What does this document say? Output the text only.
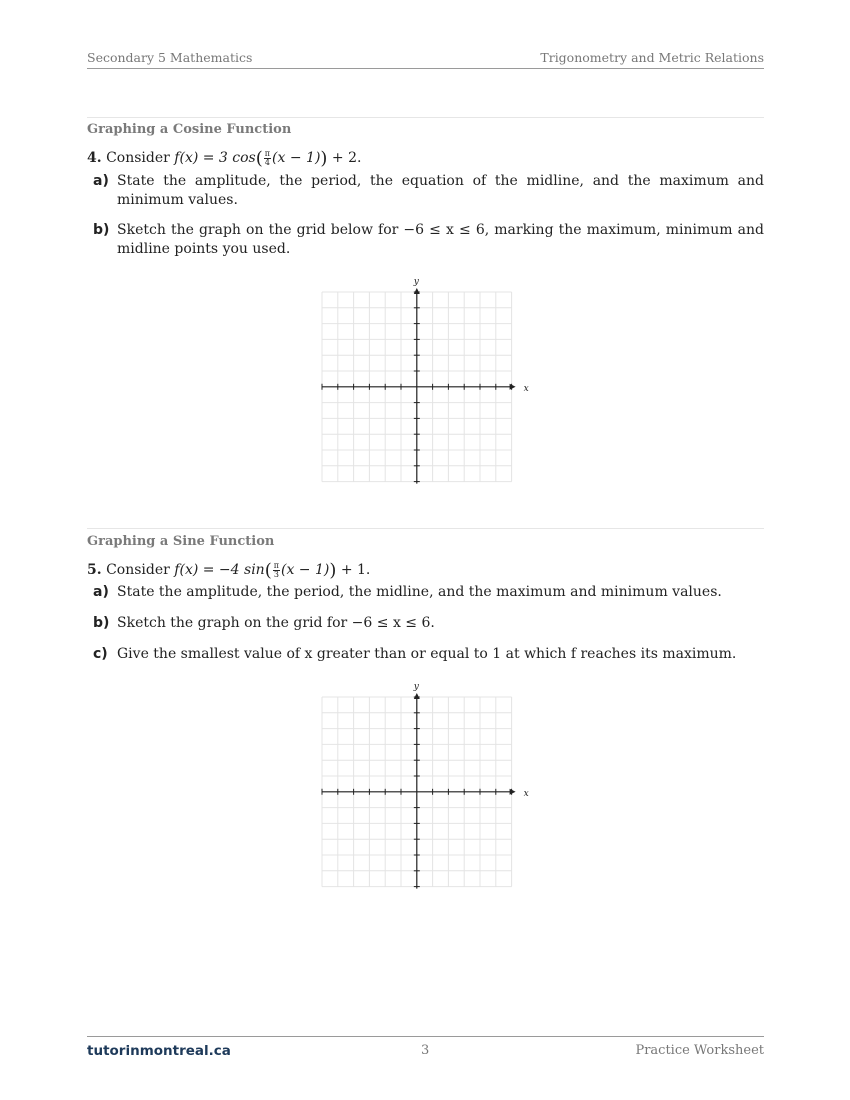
Secondary 5 Mathematics	Trigonometry and Metric Relations
Graphing a Cosine Function
4. Consider f(x) = 3 $\cos( \frac{\pi}{4} (x - 1)) + 2$.
a) State the amplitude, the period, the equation of the midline, and the maximum and minimum values.
b) Sketch the graph on the grid below for −6 ≤ x ≤ 6, marking the maximum, minimum and midline points you used.
x
y
Graphing a Sine Function
5. Consider f(x) = −4 $\sin( \frac{\pi}{3} (x - 1)) + 1$.
a) State the amplitude, the period, the midline, and the maximum and minimum values.
b) Sketch the graph on the grid for −6 ≤ x ≤ 6.
c) Give the smallest value of x greater than or equal to 1 at which f reaches its maximum.
x
y
tutorinmontreal.ca	3	Practice Worksheet
